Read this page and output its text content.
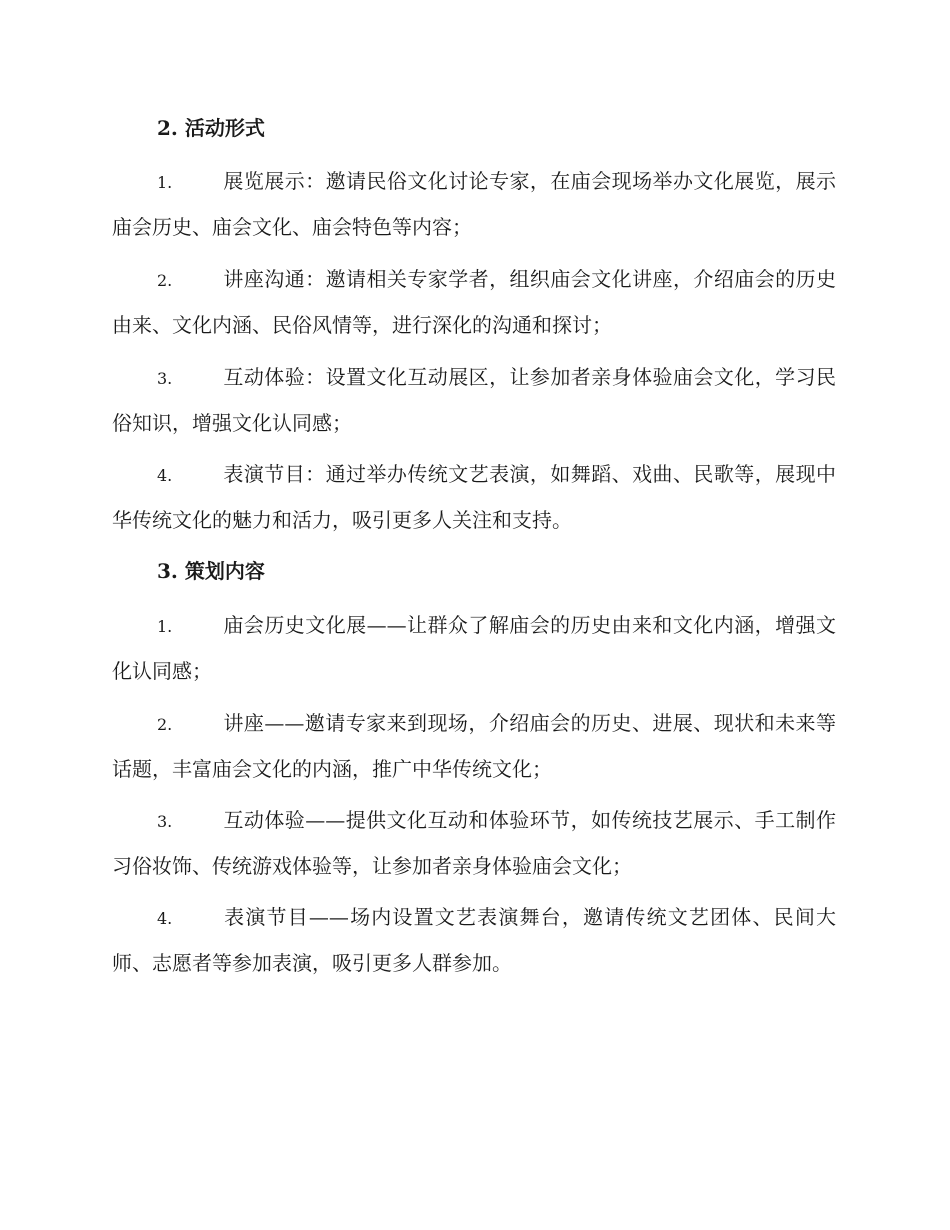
2. 活动形式
1.	展览展示：邀请民俗文化讨论专家，在庙会现场举办文化展览，展示庙会历史、庙会文化、庙会特色等内容；
2.	讲座沟通：邀请相关专家学者，组织庙会文化讲座，介绍庙会的历史由来、文化内涵、民俗风情等，进行深化的沟通和探讨；
3.	互动体验：设置文化互动展区，让参加者亲身体验庙会文化，学习民俗知识，增强文化认同感；
4.	表演节目：通过举办传统文艺表演，如舞蹈、戏曲、民歌等，展现中华传统文化的魅力和活力，吸引更多人关注和支持。
3. 策划内容
1.	庙会历史文化展——让群众了解庙会的历史由来和文化内涵，增强文化认同感；
2.	讲座——邀请专家来到现场，介绍庙会的历史、进展、现状和未来等话题，丰富庙会文化的内涵，推广中华传统文化；
3.	互动体验——提供文化互动和体验环节，如传统技艺展示、手工制作习俗妆饰、传统游戏体验等，让参加者亲身体验庙会文化；
4.	表演节目——场内设置文艺表演舞台，邀请传统文艺团体、民间大师、志愿者等参加表演，吸引更多人群参加。
